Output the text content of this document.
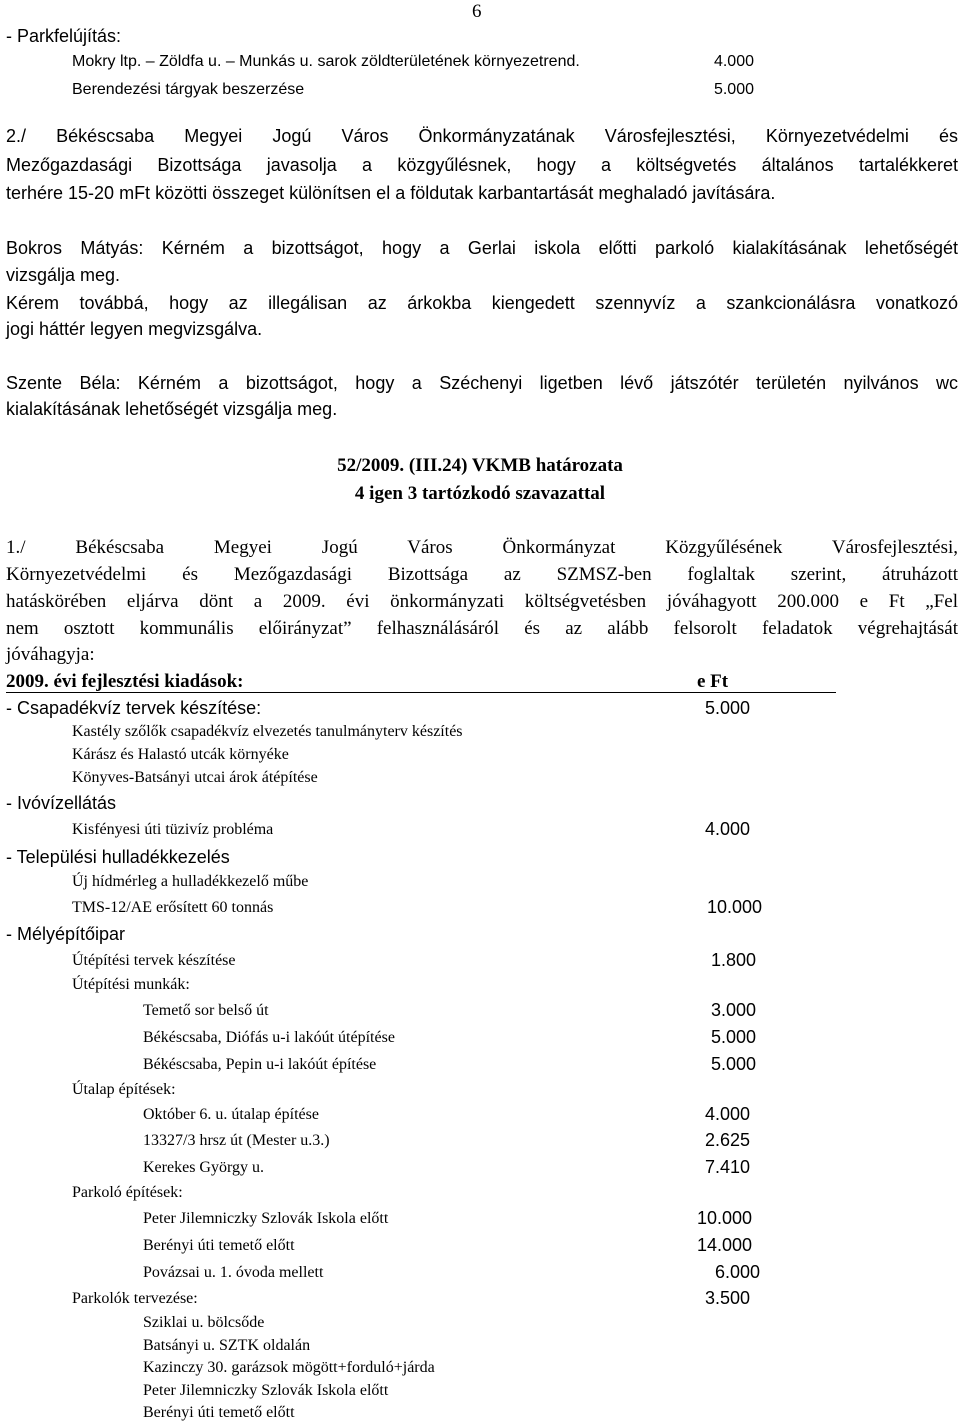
6
- Parkfelújítás:
Mokry ltp. – Zöldfa u. – Munkás u. sarok zöldterületének környezetrend.	4.000
Berendezési tárgyak beszerzése	5.000
2./ Békéscsaba Megyei Jogú Város Önkormányzatának Városfejlesztési, Környezetvédelmi és
Mezőgazdasági Bizottsága javasolja a közgyűlésnek, hogy a költségvetés általános tartalékkeret
terhére 15-20 mFt közötti összeget különítsen el a földutak karbantartását meghaladó javítására.
Bokros Mátyás: Kérném a bizottságot, hogy a Gerlai iskola előtti parkoló kialakításának lehetőségét
vizsgálja meg.
Kérem továbbá, hogy az illegálisan az árkokba kiengedett szennyvíz a szankcionálásra vonatkozó
jogi háttér legyen megvizsgálva.
Szente Béla: Kérném a bizottságot, hogy a Széchenyi ligetben lévő játszótér területén nyilvános wc
kialakításának lehetőségét vizsgálja meg.
52/2009. (III.24) VKMB határozata
4 igen 3 tartózkodó szavazattal
1./ Békéscsaba Megyei Jogú Város Önkormányzat Közgyűlésének Városfejlesztési,
Környezetvédelmi és Mezőgazdasági Bizottsága az SZMSZ-ben foglaltak szerint, átruházott
hatáskörében eljárva dönt a 2009. évi önkormányzati költségvetésben jóváhagyott 200.000 e Ft „Fel
nem osztott kommunális előirányzat” felhasználásáról és az alább felsorolt feladatok végrehajtását
jóváhagyja:
2009. évi fejlesztési kiadások:	e Ft
- Csapadékvíz tervek készítése:	5.000
Kastély szőlők csapadékvíz elvezetés tanulmányterv készítés
Kárász és Halastó utcák környéke
Könyves-Batsányi utcai árok átépítése
- Ivóvízellátás
Kisfényesi úti tüzivíz probléma	4.000
- Települési hulladékkezelés
Új hídmérleg a hulladékkezelő műbe
TMS-12/AE erősített 60 tonnás	10.000
- Mélyépítőipar
Útépítési tervek készítése	1.800
Útépítési munkák:
Temető sor belső út	3.000
Békéscsaba, Diófás u-i lakóút útépítése	5.000
Békéscsaba, Pepin u-i lakóút építése	5.000
Útalap építések:
Október 6. u. útalap építése	4.000
13327/3 hrsz út (Mester u.3.)	2.625
Kerekes György u.	7.410
Parkoló építések:
Peter Jilemniczky Szlovák Iskola előtt	10.000
Berényi úti temető előtt	14.000
Povázsai u. 1. óvoda mellett	6.000
Parkolók tervezése:	3.500
Sziklai u. bölcsőde
Batsányi u. SZTK oldalán
Kazinczy 30. garázsok mögött+forduló+járda
Peter Jilemniczky Szlovák Iskola előtt
Berényi úti temető előtt
